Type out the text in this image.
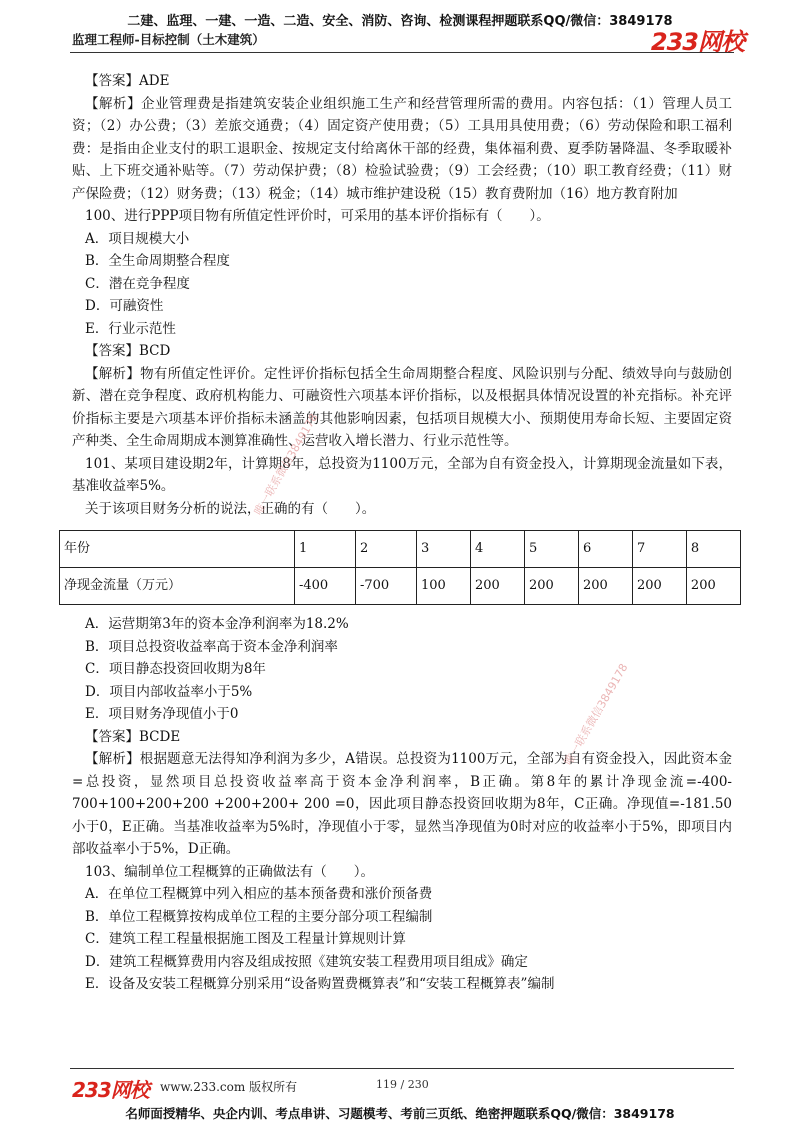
二建、监理、一建、一造、二造、安全、消防、咨询、检测课程押题联系QQ/微信：3849178
监理工程师-目标控制（土木建筑）	233网校

【答案】ADE

【解析】企业管理费是指建筑安装企业组织施工生产和经营管理所需的费用。内容包括：（1）管理人员工资；（2）办公费；（3）差旅交通费；（4）固定资产使用费；（5）工具用具使用费；（6）劳动保险和职工福利费：是指由企业支付的职工退职金、按规定支付给离休干部的经费，集体福利费、夏季防暑降温、冬季取暖补贴、上下班交通补贴等。（7）劳动保护费；（8）检验试验费；（9）工会经费；（10）职工教育经费；（11）财产保险费；（12）财务费；（13）税金；（14）城市维护建设税（15）教育费附加（16）地方教育附加

100、进行PPP项目物有所值定性评价时，可采用的基本评价指标有（　　）。

A．项目规模大小

B．全生命周期整合程度

C．潜在竞争程度

D．可融资性

E．行业示范性

【答案】BCD

【解析】物有所值定性评价。定性评价指标包括全生命周期整合程度、风险识别与分配、绩效导向与鼓励创新、潜在竞争程度、政府机构能力、可融资性六项基本评价指标，以及根据具体情况设置的补充指标。补充评价指标主要是六项基本评价指标未涵盖的其他影响因素，包括项目规模大小、预期使用寿命长短、主要固定资产种类、全生命周期成本测算准确性、运营收入增长潜力、行业示范性等。

101、某项目建设期2年，计算期8年，总投资为1100万元，全部为自有资金投入，计算期现金流量如下表，基准收益率5%。

关于该项目财务分析的说法，正确的有（　　）。

年份	1	2	3	4	5	6	7	8
净现金流量（万元）	-400	-700	100	200	200	200	200	200

A．运营期第3年的资本金净利润率为18.2%

B．项目总投资收益率高于资本金净利润率

C．项目静态投资回收期为8年

D．项目内部收益率小于5%

E．项目财务净现值小于0

【答案】BCDE

【解析】根据题意无法得知净利润为多少，A错误。总投资为1100万元，全部为自有资金投入，因此资本金=总投资，显然项目总投资收益率高于资本金净利润率，B正确。第8年的累计净现金流=-400-700+100+200+200 +200+200+ 200 =0，因此项目静态投资回收期为8年，C正确。净现值=-181.50小于0，E正确。当基准收益率为5%时，净现值小于零，显然当净现值为0时对应的收益率小于5%，即项目内部收益率小于5%，D正确。

103、编制单位工程概算的正确做法有（　　）。

A．在单位工程概算中列入相应的基本预备费和涨价预备费

B．单位工程概算按构成单位工程的主要分部分项工程编制

C．建筑工程工程量根据施工图及工程量计算规则计算

D．建筑工程概算费用内容及组成按照《建筑安装工程费用项目组成》确定

E．设备及安装工程概算分别采用“设备购置费概算表”和“安装工程概算表”编制

唯一联系微信3849178
唯一联系微信3849178
233网校 www.233.com 版权所有	119 / 230
名师面授精华、央企内训、考点串讲、习题模考、考前三页纸、绝密押题联系QQ/微信：3849178
